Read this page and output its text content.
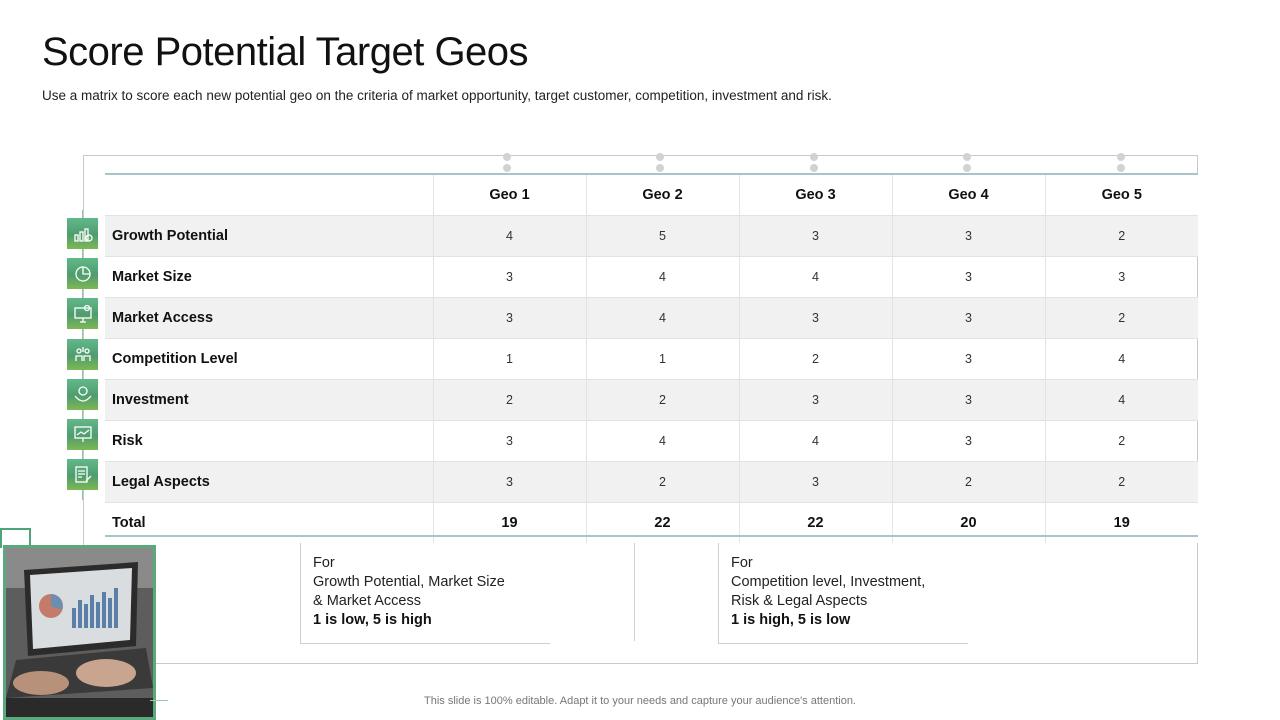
Score Potential Target Geos
Use a matrix to score each new potential geo on the criteria of market opportunity, target customer, competition, investment and risk.
	Geo 1	Geo 2	Geo 3	Geo 4	Geo 5
Growth Potential	4	5	3	3	2
Market Size	3	4	4	3	3
Market Access	3	4	3	3	2
Competition Level	1	1	2	3	4
Investment	2	2	3	3	4
Risk	3	4	4	3	2
Legal Aspects	3	2	3	2	2
Total	19	22	22	20	19
For
Growth Potential, Market Size
& Market Access
1 is low, 5 is high
For
Competition level, Investment,
Risk & Legal Aspects
1 is high, 5 is low
This slide is 100% editable. Adapt it to your needs and capture your audience's attention.
